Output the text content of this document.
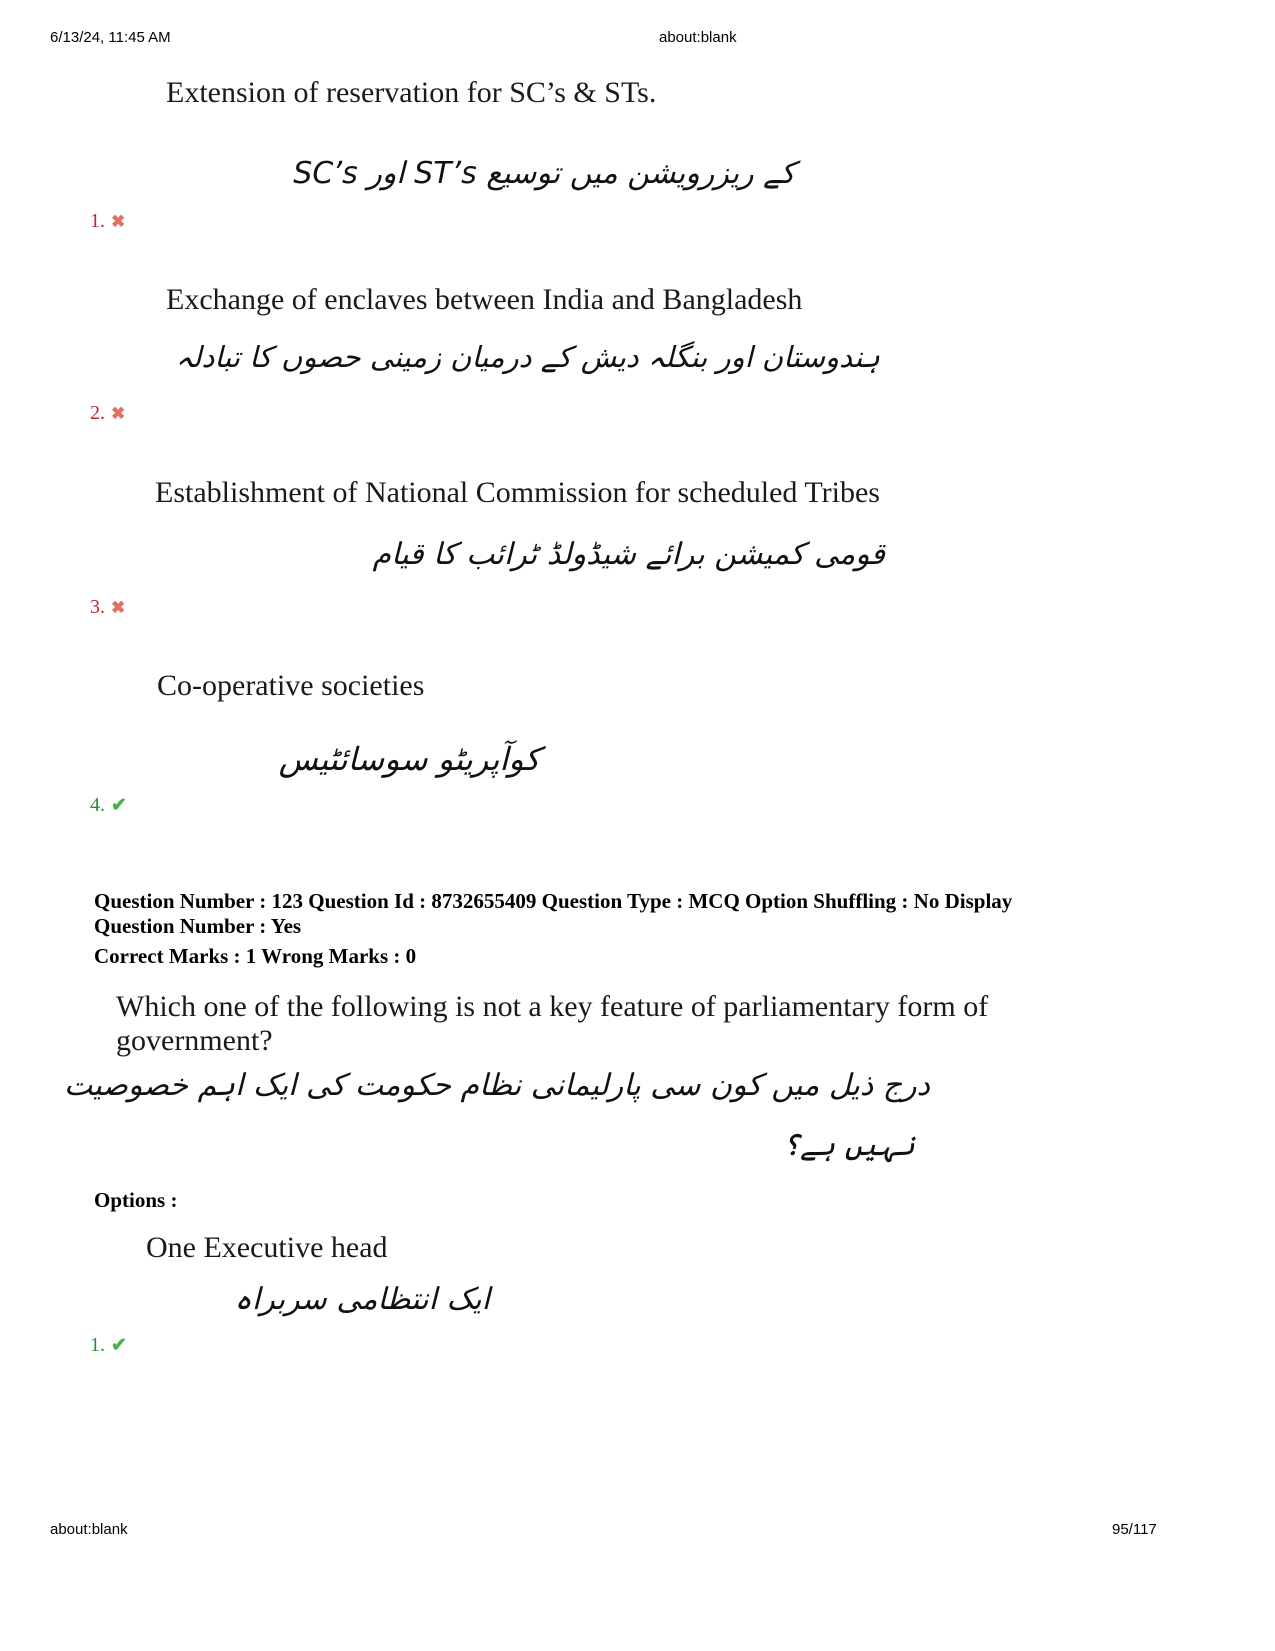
6/13/24, 11:45 AM	about:blank
Extension of reservation for SC’s & STs.
SC’s اور ST’s کے ریزرویشن میں توسیع
1. ✖
Exchange of enclaves between India and Bangladesh
ہندوستان اور بنگلہ دیش کے درمیان زمینی حصوں کا تبادلہ
2. ✖
Establishment of National Commission for scheduled Tribes
قومی کمیشن برائے شیڈولڈ ٹرائب کا قیام
3. ✖
Co-operative societies
کوآپریٹو سوسائٹیس
4. ✔
Question Number : 123 Question Id : 8732655409 Question Type : MCQ Option Shuffling : No Display
Question Number : Yes
Correct Marks : 1 Wrong Marks : 0
Which one of the following is not a key feature of parliamentary form of
government?
درج ذیل میں کون سی پارلیمانی نظام حکومت کی ایک اہم خصوصیت
نہیں ہے؟
Options :
One Executive head
ایک انتظامی سربراہ
1. ✔
about:blank	95/117
